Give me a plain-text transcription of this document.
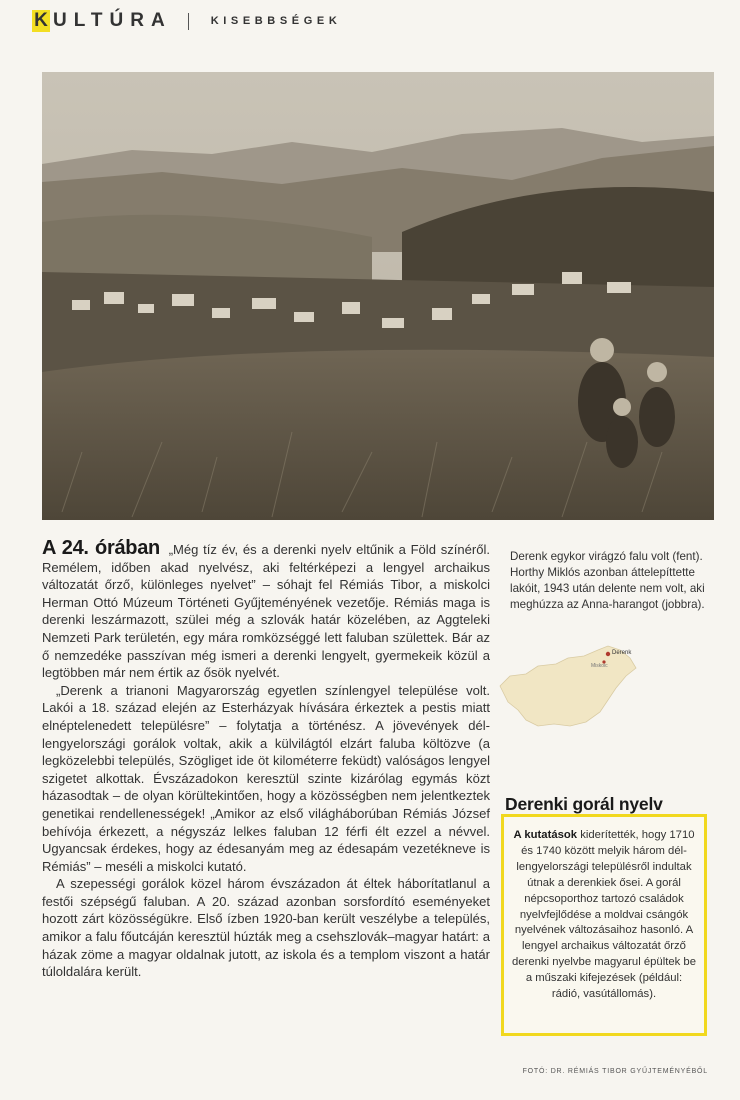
K ULTÚRA	KISEBBSÉGEK

A 24. órában „Még tíz év, és a derenki nyelv eltűnik a Föld színéről. Remélem, időben akad nyelvész, aki feltérképezi a lengyel archaikus változatát őrző, különleges nyelvet” – sóhajt fel Rémiás Tibor, a miskolci Herman Ottó Múzeum Történeti Gyűjteményének vezetője. Rémiás maga is derenki leszármazott, szülei még a szlovák határ közelében, az Aggteleki Nemzeti Park területén, egy mára romközséggé lett faluban születtek. Bár az ő nemzedéke passzívan még ismeri a derenki lengyelt, gyermekeik közül a legtöbben már nem értik az ősök nyelvét.

„Derenk a trianoni Magyarország egyetlen színlengyel települése volt. Lakói a 18. század elején az Esterházyak hívására érkeztek a pestis miatt elnéptelenedett településre” – folytatja a történész. A jövevények dél-lengyelországi gorálok voltak, akik a külvilágtól elzárt faluba költözve (a legközelebbi település, Szögliget ide öt kilométerre feküdt) valóságos lengyel szigetet alkottak. Évszázadokon keresztül szinte kizárólag egymás közt házasodtak – de olyan körültekintően, hogy a közösségben nem jelentkeztek genetikai rendellenességek! „Amikor az első világháborúban Rémiás József behívója érkezett, a négyszáz lelkes faluban 12 férfi élt ezzel a névvel. Ugyancsak érdekes, hogy az édesanyám meg az édesapám vezetékneve is Rémiás” – meséli a miskolci kutató.

A szepességi gorálok közel három évszázadon át éltek háborítatlanul a festői szépségű faluban. A 20. század azonban sorsfordító eseményeket hozott zárt közösségükre. Első ízben 1920-ban került veszélybe a település, amikor a falu főutcáján keresztül húzták meg a csehszlovák–magyar határt: a házak zöme a magyar oldalnak jutott, az iskola és a templom viszont a határ túloldalára került.

Derenk egykor virágzó falu volt (fent). Horthy Miklós azonban áttelepíttette lakóit, 1943 után delente nem volt, aki meghúzza az Anna-harangot (jobbra).

Derenk
Miskolc
Derenki gorál nyelv

A kutatások kiderítették, hogy 1710 és 1740 között melyik három dél-lengyelországi településről indultak útnak a derenkiek ősei. A gorál népcsoporthoz tartozó családok nyelvfejlődése a moldvai csángók nyelvének változásaihoz hasonló. A lengyel archaikus változatát őrző derenki nyelvbe magyarul épültek be a műszaki kifejezések (például: rádió, vasútállomás).

FOTÓ: DR. RÉMIÁS TIBOR GYŰJTEMÉNYÉBŐL
